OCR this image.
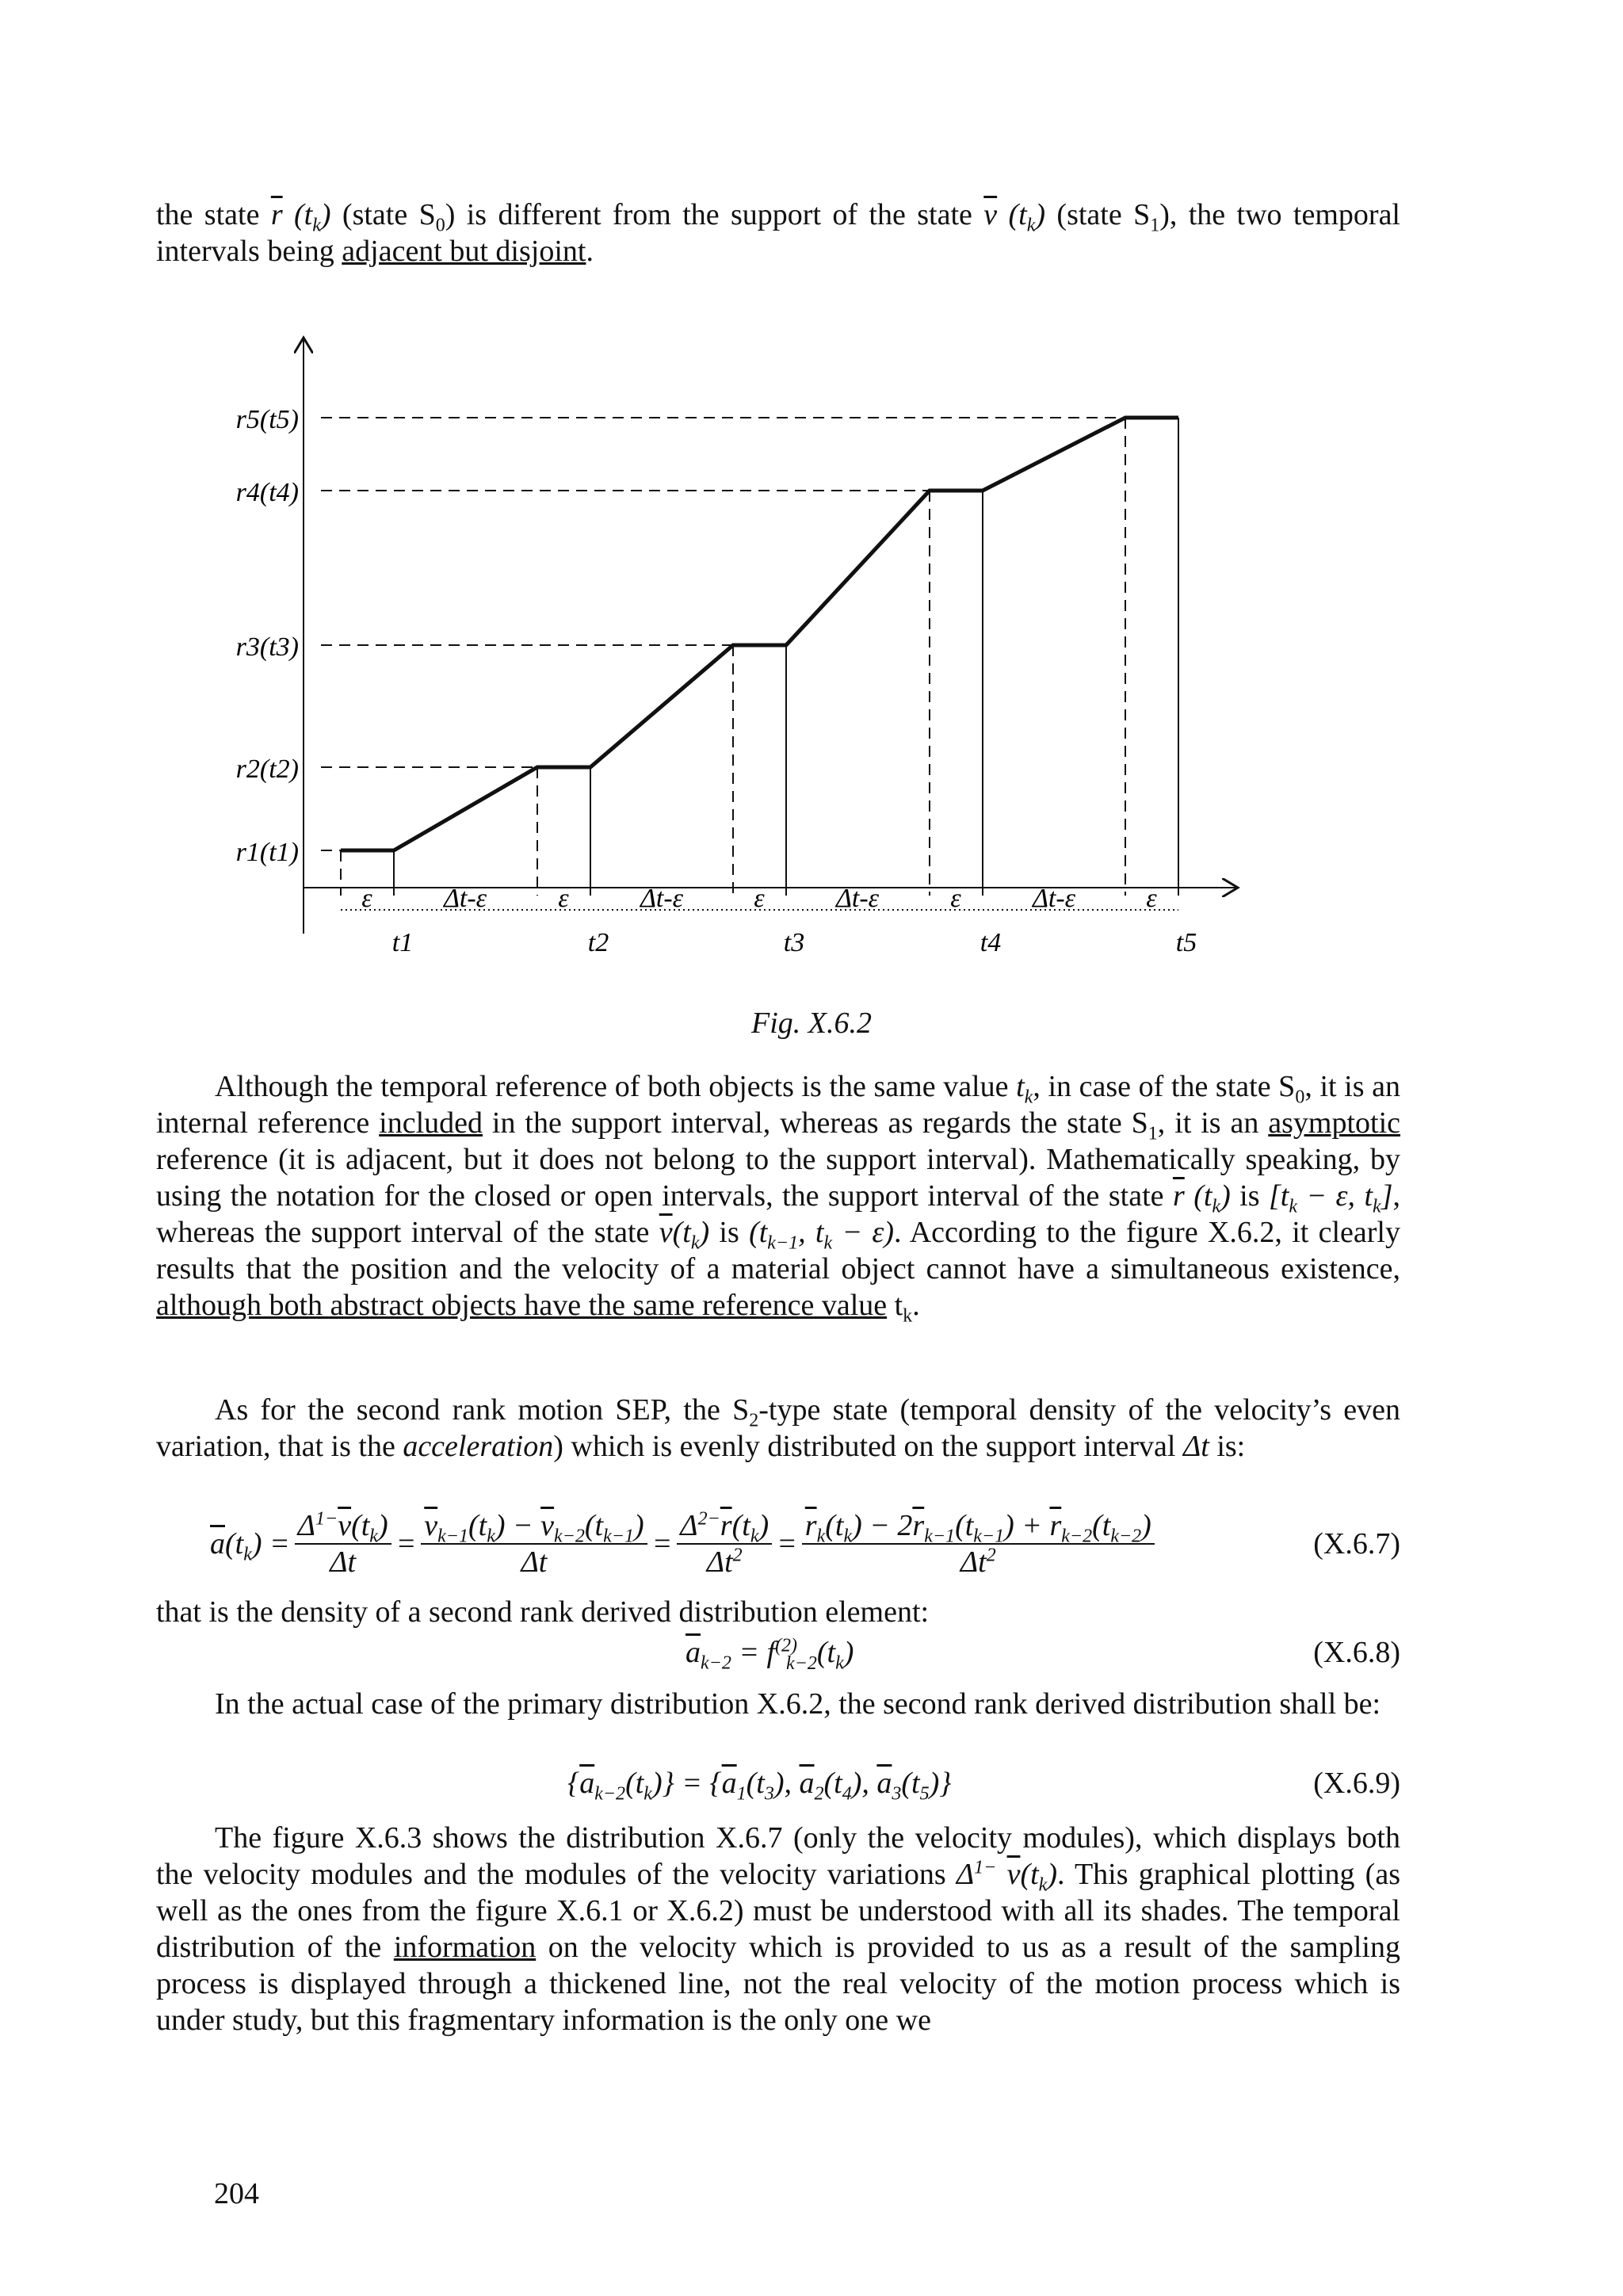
the state $\overline{r}$ $(t_k)$ (state $S_0$) is different from the support of the state $\overline{v}$ $(t_k)$ (state $S_1$), the two temporal intervals being adjacent but disjoint.
r5(t5)
r4(t4)
r3(t3)
r2(t2)
r1(t1)
ε	Δt-ε	ε	Δt-ε	ε	Δt-ε	ε	Δt-ε	ε
t1	t2	t3	t4	t5
Fig. X.6.2
Although the temporal reference of both objects is the same value $t_k$, in case of the state $S_0$, it is an internal reference included in the support interval, whereas as regards the state $S_1$, it is an asymptotic reference (it is adjacent, but it does not belong to the support interval). Mathematically speaking, by using the notation for the closed or open intervals, the support interval of the state $\overline{r}$ $(t_k)$ is [$t_k - \varepsilon$, $t_k$], whereas the support interval of the state $\overline{v}(t_k)$ is ($t_{k-1}$, $t_k - \varepsilon$). According to the figure X.6.2, it clearly results that the position and the velocity of a material object cannot have a simultaneous existence, although both abstract objects have the same reference value $t_k$.
As for the second rank motion SEP, the $S_2$-type state (temporal density of the velocity’s even variation, that is the acceleration) which is evenly distributed on the support interval Δt is:
$\overline{a}(t_k) = \frac{\Delta^{1-}\overline{v}(t_k)}{\Delta t} = \frac{\overline{v}_{k-1}(t_k) - \overline{v}_{k-2}(t_{k-1})}{\Delta t} = \frac{\Delta^{2-}\overline{r}(t_k)}{\Delta t^2} = \frac{\overline{r}_k(t_k) - 2\overline{r}_{k-1}(t_{k-1}) + \overline{r}_{k-2}(t_{k-2})}{\Delta t^2}$	(X.6.7)
that is the density of a second rank derived distribution element:
$\overline{a}_{k-2} = f^{(2)}_{k-2}(t_k)$	(X.6.8)
In the actual case of the primary distribution X.6.2, the second rank derived distribution shall be:
$\{\overline{a}_{k-2}(t_k)\} = \{\overline{a}_1(t_3)$, $\overline{a}_2(t_4)$, $\overline{a}_3(t_5)$}	(X.6.9)
The figure X.6.3 shows the distribution X.6.7 (only the velocity modules), which displays both the velocity modules and the modules of the velocity variations $\Delta^{1-}$ $\overline{v}(t_k)$. This graphical plotting (as well as the ones from the figure X.6.1 or X.6.2) must be understood with all its shades. The temporal distribution of the information on the velocity which is provided to us as a result of the sampling process is displayed through a thickened line, not the real velocity of the motion process which is under study, but this fragmentary information is the only one we
204
